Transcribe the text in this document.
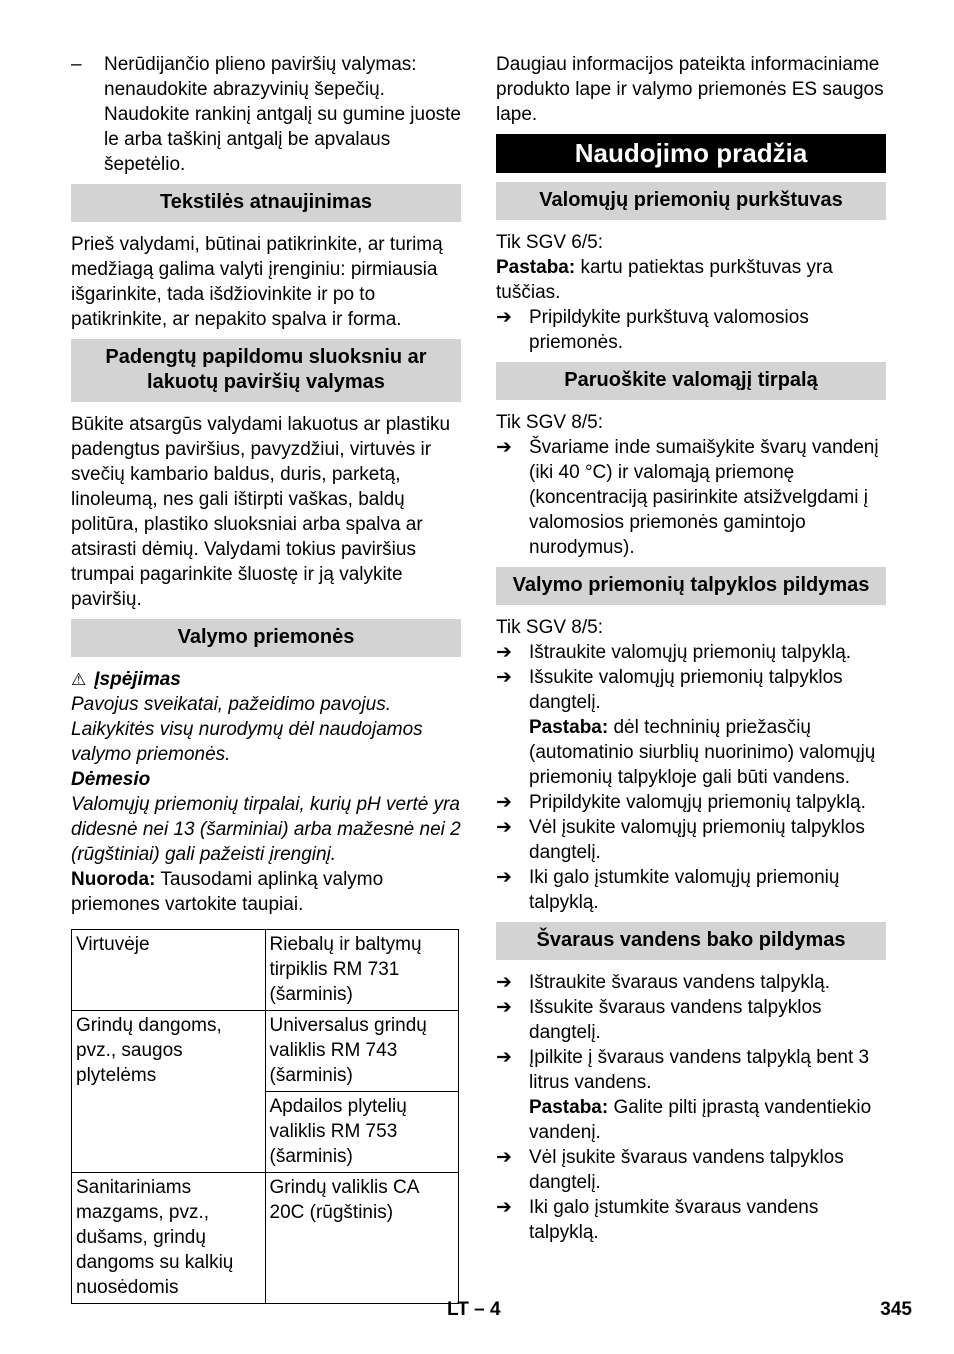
– Nerūdijančio plieno paviršių valymas: nenaudokite abrazyvinių šepečių. Naudokite rankinį antgalį su gumine juoste le arba taškinį antgalį be apvalaus šepetėlio.

Tekstilės atnaujinimas

Prieš valydami, būtinai patikrinkite, ar turimą medžiagą galima valyti įrenginiu: pirmiausia išgarinkite, tada išdžiovinkite ir po to patikrinkite, ar nepakito spalva ir forma.

Padengtų papildomu sluoksniu ar lakuotų paviršių valymas

Būkite atsargūs valydami lakuotus ar plastiku padengtus paviršius, pavyzdžiui, virtuvės ir svečių kambario baldus, duris, parketą, linoleumą, nes gali ištirpti vaškas, baldų politūra, plastiko sluoksniai arba spalva ar atsirasti dėmių. Valydami tokius paviršius trumpai pagarinkite šluostę ir ją valykite paviršių.

Valymo priemonės

⚠ Įspėjimas

Pavojus sveikatai, pažeidimo pavojus. Laikykitės visų nurodymų dėl naudojamos valymo priemonės.

Dėmesio

Valomųjų priemonių tirpalai, kurių pH vertė yra didesnė nei 13 (šarminiai) arba mažesnė nei 2 (rūgštiniai) gali pažeisti įrenginį.

Nuoroda: Tausodami aplinką valymo priemones vartokite taupiai.

Virtuvėje	Riebalų ir baltymų tirpiklis RM 731 (šarminis)
Grindų dangoms, pvz., saugos plytelėms	Universalus grindų valiklis RM 743 (šarminis)
	Apdailos plytelių valiklis RM 753 (šarminis)
Sanitariniams mazgams, pvz., dušams, grindų dangoms su kalkių nuosėdomis	Grindų valiklis CA 20C (rūgštinis)

Daugiau informacijos pateikta informaciniame produkto lape ir valymo priemonės ES saugos lape.

Naudojimo pradžia
Valomųjų priemonių purkštuvas

Tik SGV 6/5:

Pastaba: kartu patiektas purkštuvas yra tuščias.

➔ Pripildykite purkštuvą valomosios priemonės.
Paruoškite valomąjį tirpalą

Tik SGV 8/5:

➔ Švariame inde sumaišykite švarų vandenį (iki 40 °C) ir valomąją priemonę (koncentraciją pasirinkite atsižvelgdami į valomosios priemonės gamintojo nurodymus).
Valymo priemonių talpyklos pildymas

Tik SGV 8/5:

➔ Ištraukite valomųjų priemonių talpyklą.
➔ Išsukite valomųjų priemonių talpyklos dangtelį.

Pastaba: dėl techninių priežasčių (automatinio siurblių nuorinimo) valomųjų priemonių talpykloje gali būti vandens.

➔ Pripildykite valomųjų priemonių talpyklą.
➔ Vėl įsukite valomųjų priemonių talpyklos dangtelį.
➔ Iki galo įstumkite valomųjų priemonių talpyklą.
Švaraus vandens bako pildymas
➔ Ištraukite švaraus vandens talpyklą.
➔ Išsukite švaraus vandens talpyklos dangtelį.
➔ Įpilkite į švaraus vandens talpyklą bent 3 litrus vandens.

Pastaba: Galite pilti įprastą vandentiekio vandenį.

➔ Vėl įsukite švaraus vandens talpyklos dangtelį.
➔ Iki galo įstumkite švaraus vandens talpyklą.
LT – 4	345
